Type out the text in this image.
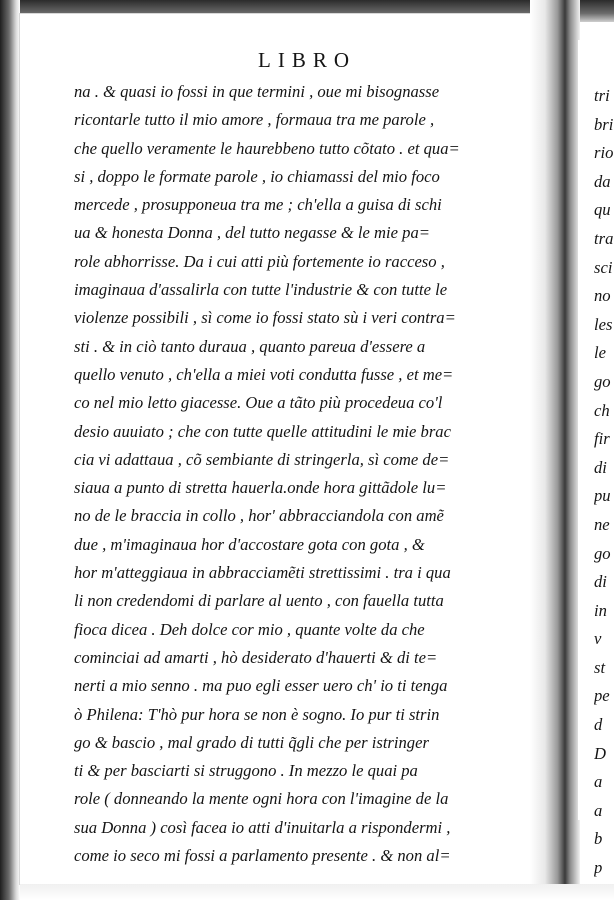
LIBRO
na . & quasi io fossi in que termini , oue mi bisognasse
ricontarle tutto il mio amore , formaua tra me parole ,
che quello veramente le haurebbeno tutto cõtato . et qua=
si , doppo le formate parole , io chiamassi del mio foco
mercede , prosupponeua tra me ; ch'ella a guisa di schi
ua & honesta Donna , del tutto negasse & le mie pa=
role abhorrisse. Da i cui atti più fortemente io racceso ,
imaginaua d'assalirla con tutte l'industrie & con tutte le
violenze possibili , sì come io fossi stato sù i veri contra=
sti . & in ciò tanto duraua , quanto pareua d'essere a
quello venuto , ch'ella a miei voti condutta fusse , et me=
co nel mio letto giacesse. Oue a tãto più procedeua co'l
desio auuiato ; che con tutte quelle attitudini le mie brac
cia vi adattaua , cõ sembiante di stringerla, sì come de=
siaua a punto di stretta hauerla.onde hora gittãdole lu=
no de le braccia in collo , hor' abbracciandola con amẽ
due , m'imaginaua hor d'accostare gota con gota , &
hor m'atteggiaua in abbracciamẽti strettissimi . tra i qua
li non credendomi di parlare al uento , con fauella tutta
fioca dicea . Deh dolce cor mio , quante volte da che
cominciai ad amarti , hò desiderato d'hauerti & di te=
nerti a mio senno . ma puo egli esser uero ch' io ti tenga
ò Philena: T'hò pur hora se non è sogno. Io pur ti strin
go & bascio , mal grado di tutti q̃gli che per istringer
ti & per basciarti si struggono . In mezzo le quai pa
role ( donneando la mente ogni hora con l'imagine de la
sua Donna ) così facea io atti d'inuitarla a rispondermi ,
come io seco mi fossi a parlamento presente . & non al=
tri
bri
rio
da
qu
tra
sci
no
les
le
go
ch
fir
di
pu
ne
go
di
in
v
st
pe
d
D
a
a
b
p
